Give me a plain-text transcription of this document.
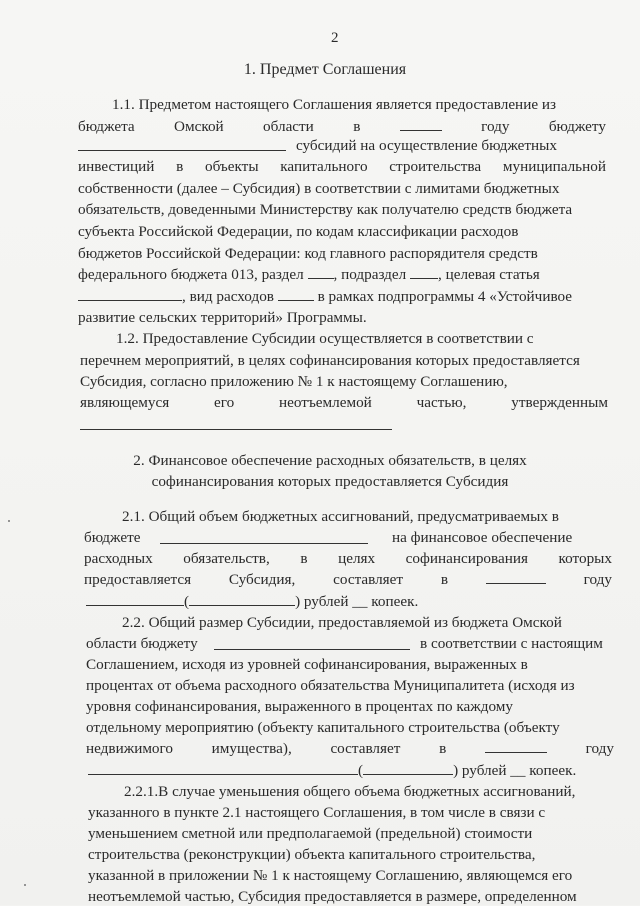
2
1. Предмет Соглашения
1.1. Предметом настоящего Соглашения является предоставление из
бюджета	Омской	области	в	году	бюджету
субсидий на осуществление бюджетных
инвестиций в объекты капитального строительства муниципальной
собственности (далее – Субсидия) в соответствии с лимитами бюджетных
обязательств, доведенными Министерству как получателю средств бюджета
субъекта Российской Федерации, по кодам классификации расходов
бюджетов Российской Федерации: код главного распорядителя средств
федерального бюджета 013, раздел , подраздел , целевая статья
, вид расходов	в рамках подпрограммы 4 «Устойчивое
развитие сельских территорий» Программы.
1.2. Предоставление Субсидии осуществляется в соответствии с
перечнем мероприятий, в целях софинансирования которых предоставляется
Субсидия, согласно приложению № 1 к настоящему Соглашению,
являющемуся	его	неотъемлемой	частью,	утвержденным
2. Финансовое обеспечение расходных обязательств, в целях
софинансирования которых предоставляется Субсидия
2.1. Общий объем бюджетных ассигнований, предусматриваемых в
бюджете	на финансовое обеспечение
расходных обязательств, в целях софинансирования которых
предоставляется Субсидия, составляет в	году
(	) рублей __ копеек.
2.2. Общий размер Субсидии, предоставляемой из бюджета Омской
области бюджету	в соответствии с настоящим
Соглашением, исходя из уровней софинансирования, выраженных в
процентах от объема расходного обязательства Муниципалитета (исходя из
уровня софинансирования, выраженного в процентах по каждому
отдельному мероприятию (объекту капитального строительства (объекту
недвижимого	имущества),	составляет	в	году
(	) рублей __ копеек.
2.2.1.В случае уменьшения общего объема бюджетных ассигнований,
указанного в пункте 2.1 настоящего Соглашения, в том числе в связи с
уменьшением сметной или предполагаемой (предельной) стоимости
строительства (реконструкции) объекта капитального строительства,
указанной в приложении № 1 к настоящему Соглашению, являющемся его
неотъемлемой частью, Субсидия предоставляется в размере, определенном
